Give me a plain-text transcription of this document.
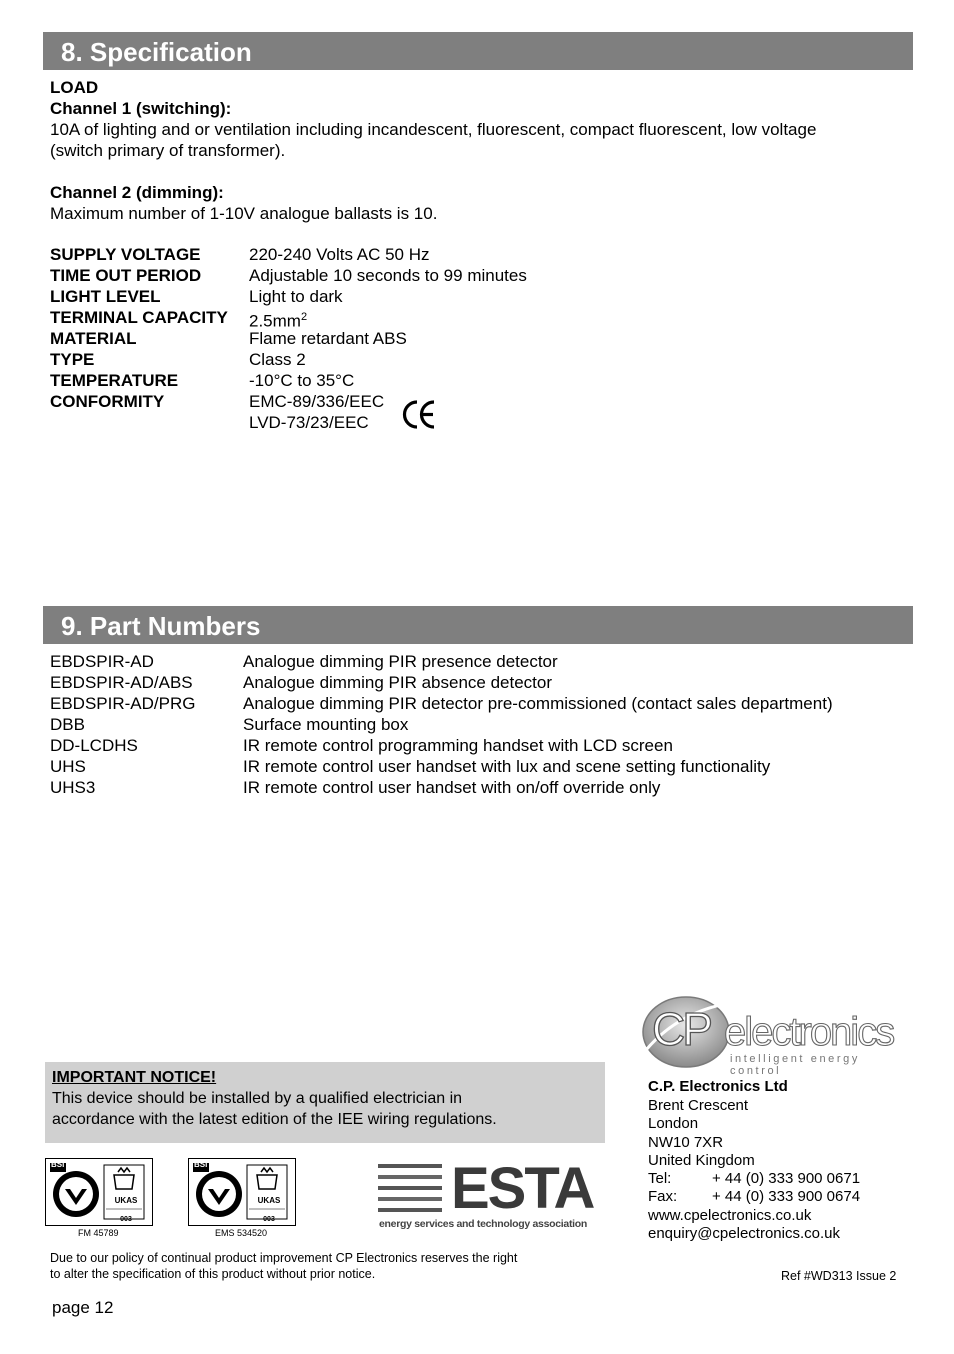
8. Specification
LOAD
Channel 1 (switching):
10A of lighting and or ventilation including incandescent, fluorescent, compact fluorescent, low voltage
(switch primary of transformer).
Channel 2 (dimming):
Maximum number of 1-10V analogue ballasts is 10.
SUPPLY VOLTAGE	220-240 Volts AC 50 Hz
TIME OUT PERIOD	Adjustable 10 seconds to 99 minutes
LIGHT LEVEL	Light to dark
TERMINAL CAPACITY $2.5mm^2$
MATERIAL	Flame retardant ABS
TYPE	Class 2
TEMPERATURE	-10°C to 35°C
CONFORMITY	EMC-89/336/EEC
LVD-73/23/EEC
9. Part Numbers
EBDSPIR-AD	Analogue dimming PIR presence detector
EBDSPIR-AD/ABS	Analogue dimming PIR absence detector
EBDSPIR-AD/PRG	Analogue dimming PIR detector pre-commissioned (contact sales department)
DBB	Surface mounting box
DD-LCDHS	IR remote control programming handset with LCD screen
UHS	IR remote control user handset with lux and scene setting functionality
UHS3	IR remote control user handset with on/off override only
CP electronics
intelligent energy control
IMPORTANT NOTICE!
This device should be installed by a qualified electrician in
accordance with the latest edition of the IEE wiring regulations.
C.P. Electronics Ltd
Brent Crescent
London
NW10 7XR
United Kingdom
Tel:	+ 44 (0) 333 900 0671
Fax: + 44 (0) 333 900 0674
www.cpelectronics.co.uk
enquiry@cpelectronics.co.uk
BSI
UKAS
003
FM 45789
BSI
UKAS
003
EMS 534520
ESTA
energy services and technology association
Due to our policy of continual product improvement CP Electronics reserves the right
to alter the specification of this product without prior notice.	Ref #WD313 Issue 2
page 12
